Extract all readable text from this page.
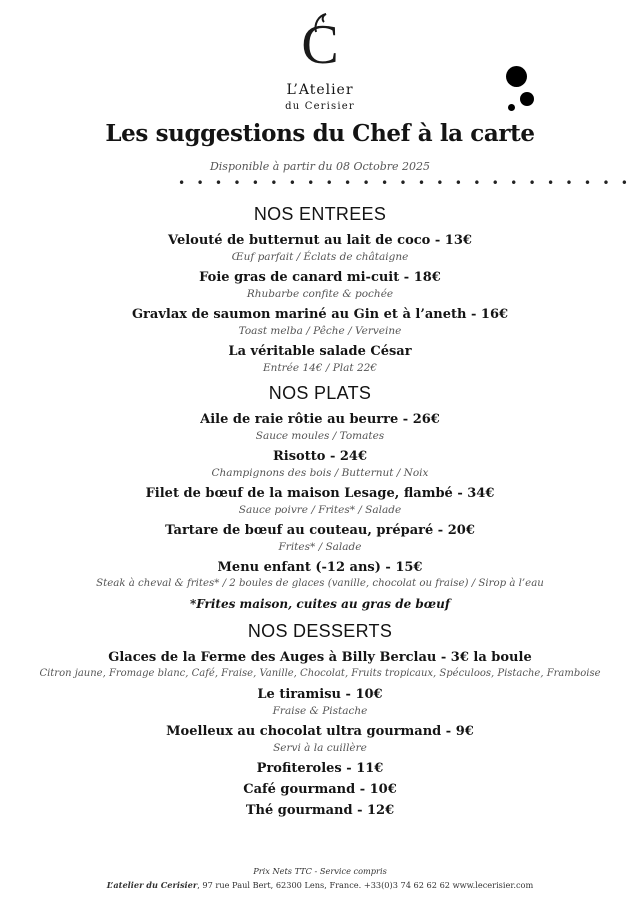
C
L’Atelier
du Cerisier
Les suggestions du Chef à la carte
Disponible à partir du 08 Octobre 2025
• • • • • • • • • • • • • • • • • • • • • • • • •
NOS ENTREES
Velouté de butternut au lait de coco - 13€
Œuf parfait / Éclats de châtaigne
Foie gras de canard mi-cuit - 18€
Rhubarbe confite & pochée
Gravlax de saumon mariné au Gin et à l’aneth - 16€
Toast melba / Pêche / Verveine
La véritable salade César
Entrée 14€ / Plat 22€
NOS PLATS
Aile de raie rôtie au beurre - 26€
Sauce moules / Tomates
Risotto - 24€
Champignons des bois / Butternut / Noix
Filet de bœuf de la maison Lesage, flambé - 34€
Sauce poivre / Frites* / Salade
Tartare de bœuf au couteau, préparé - 20€
Frites* / Salade
Menu enfant (-12 ans) - 15€
Steak à cheval & frites* / 2 boules de glaces (vanille, chocolat ou fraise) / Sirop à l’eau
*Frites maison, cuites au gras de bœuf
NOS DESSERTS
Glaces de la Ferme des Auges à Billy Berclau - 3€ la boule
Citron jaune, Fromage blanc, Café, Fraise, Vanille, Chocolat, Fruits tropicaux, Spéculoos, Pistache, Framboise
Le tiramisu - 10€
Fraise & Pistache
Moelleux au chocolat ultra gourmand - 9€
Servi à la cuillère
Profiteroles - 11€
Café gourmand - 10€
Thé gourmand - 12€
Prix Nets TTC - Service compris
L’atelier du Cerisier, 97 rue Paul Bert, 62300 Lens, France. +33(0)3 74 62 62 62 www.lecerisier.com
